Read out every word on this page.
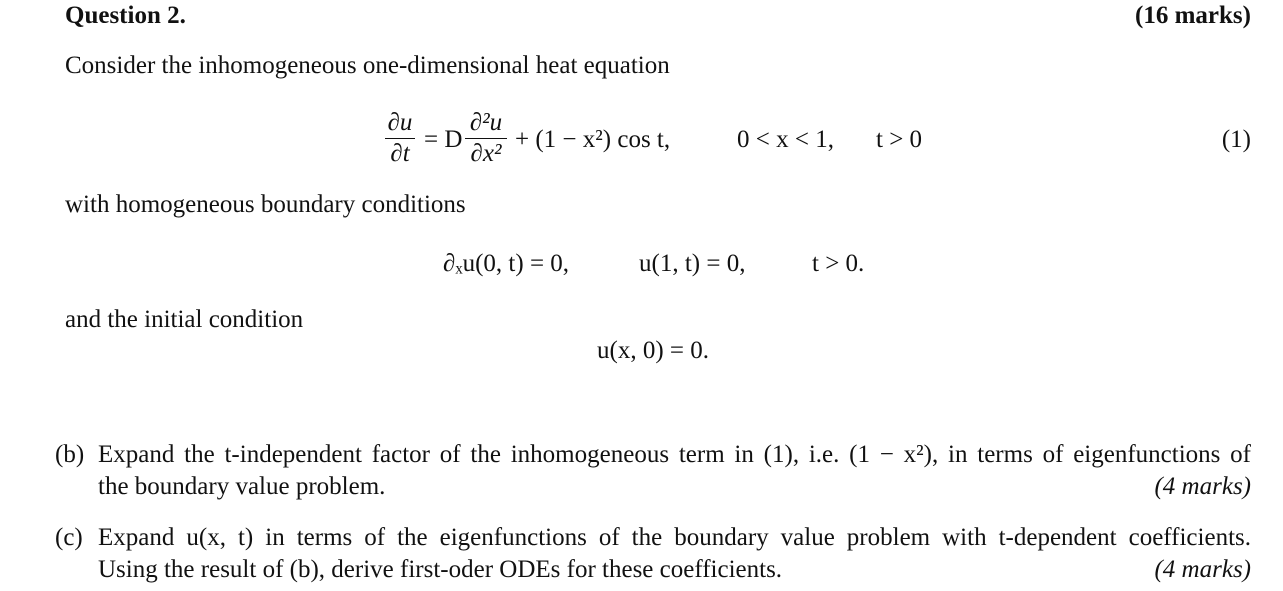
Question 2.	(16 marks)
Consider the inhomogeneous one-dimensional heat equation
∂u
∂t
= D
∂²u
∂x²
+ (1 − x²) cos t,	0 < x < 1, t > 0	(1)
with homogeneous boundary conditions
∂ₓu(0, t) = 0,	u(1, t) = 0,	t > 0.
and the initial condition
u(x, 0) = 0.
(b) Expand the t-independent factor of the inhomogeneous term in (1), i.e. (1 − x²), in terms of eigenfunctions of
the boundary value problem.	(4 marks)
(c) Expand u(x, t) in terms of the eigenfunctions of the boundary value problem with t-dependent coefficients.
Using the result of (b), derive first-oder ODEs for these coefficients.	(4 marks)
